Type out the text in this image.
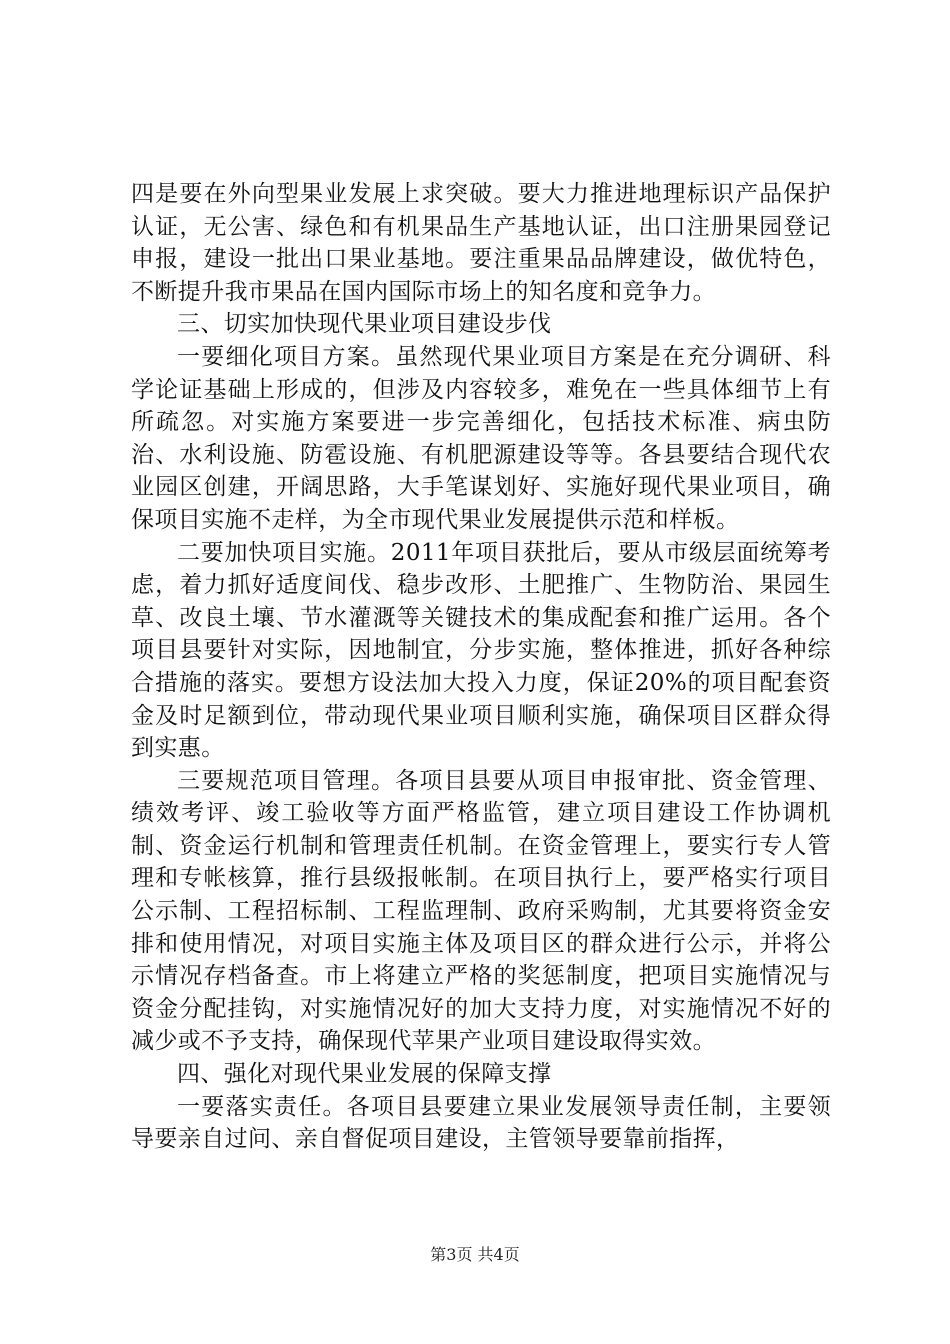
四是要在外向型果业发展上求突破。要大力推进地理标识产品保护认证，无公害、绿色和有机果品生产基地认证，出口注册果园登记申报，建设一批出口果业基地。要注重果品品牌建设，做优特色，不断提升我市果品在国内国际市场上的知名度和竞争力。

三、切实加快现代果业项目建设步伐

一要细化项目方案。虽然现代果业项目方案是在充分调研、科学论证基础上形成的，但涉及内容较多，难免在一些具体细节上有所疏忽。对实施方案要进一步完善细化，包括技术标准、病虫防治、水利设施、防雹设施、有机肥源建设等等。各县要结合现代农业园区创建，开阔思路，大手笔谋划好、实施好现代果业项目，确保项目实施不走样，为全市现代果业发展提供示范和样板。

二要加快项目实施。2011年项目获批后，要从市级层面统筹考虑，着力抓好适度间伐、稳步改形、土肥推广、生物防治、果园生草、改良土壤、节水灌溉等关键技术的集成配套和推广运用。各个项目县要针对实际，因地制宜，分步实施，整体推进，抓好各种综合措施的落实。要想方设法加大投入力度，保证20%的项目配套资金及时足额到位，带动现代果业项目顺利实施，确保项目区群众得到实惠。

三要规范项目管理。各项目县要从项目申报审批、资金管理、绩效考评、竣工验收等方面严格监管，建立项目建设工作协调机制、资金运行机制和管理责任机制。在资金管理上，要实行专人管理和专帐核算，推行县级报帐制。在项目执行上，要严格实行项目公示制、工程招标制、工程监理制、政府采购制，尤其要将资金安排和使用情况，对项目实施主体及项目区的群众进行公示，并将公示情况存档备查。市上将建立严格的奖惩制度，把项目实施情况与资金分配挂钩，对实施情况好的加大支持力度，对实施情况不好的减少或不予支持，确保现代苹果产业项目建设取得实效。

四、强化对现代果业发展的保障支撑

一要落实责任。各项目县要建立果业发展领导责任制，主要领导要亲自过问、亲自督促项目建设，主管领导要靠前指挥，

第3页 共4页
